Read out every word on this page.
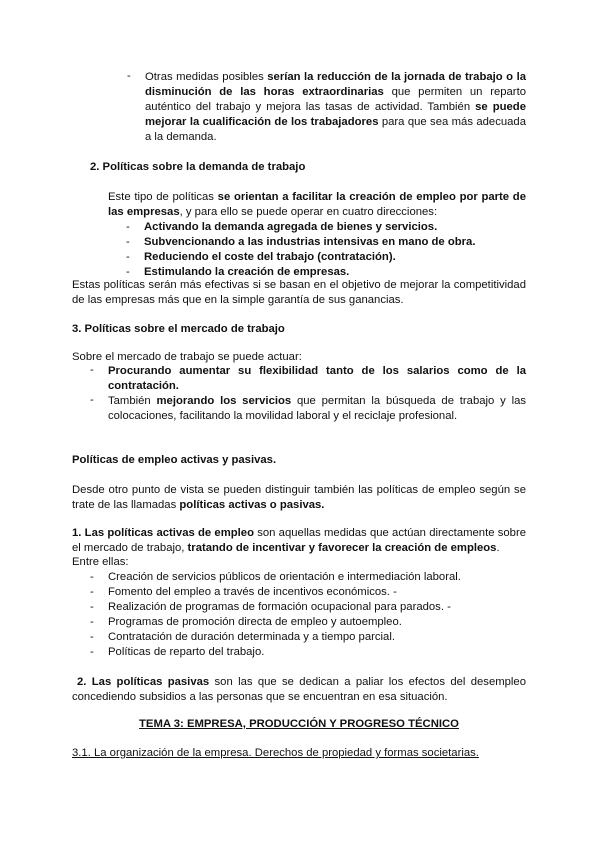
- Otras medidas posibles serían la reducción de la jornada de trabajo o la disminución de las horas extraordinarias que permiten un reparto auténtico del trabajo y mejora las tasas de actividad. También se puede mejorar la cualificación de los trabajadores para que sea más adecuada a la demanda.

2. Políticas sobre la demanda de trabajo

Este tipo de políticas se orientan a facilitar la creación de empleo por parte de las empresas, y para ello se puede operar en cuatro direcciones:

- Activando la demanda agregada de bienes y servicios.

- Subvencionando a las industrias intensivas en mano de obra.

- Reduciendo el coste del trabajo (contratación).

- Estimulando la creación de empresas.

Estas políticas serán más efectivas si se basan en el objetivo de mejorar la competitividad de las empresas más que en la simple garantía de sus ganancias.

3. Políticas sobre el mercado de trabajo

Sobre el mercado de trabajo se puede actuar:

- Procurando aumentar su flexibilidad tanto de los salarios como de la contratación.

- También mejorando los servicios que permitan la búsqueda de trabajo y las colocaciones, facilitando la movilidad laboral y el reciclaje profesional.

Políticas de empleo activas y pasivas.

Desde otro punto de vista se pueden distinguir también las políticas de empleo según se trate de las llamadas políticas activas o pasivas.

1. Las políticas activas de empleo son aquellas medidas que actúan directamente sobre el mercado de trabajo, tratando de incentivar y favorecer la creación de empleos.

Entre ellas:

- Creación de servicios públicos de orientación e intermediación laboral.

- Fomento del empleo a través de incentivos económicos. -

- Realización de programas de formación ocupacional para parados. -

- Programas de promoción directa de empleo y autoempleo.

- Contratación de duración determinada y a tiempo parcial.

- Políticas de reparto del trabajo.

2. Las políticas pasivas son las que se dedican a paliar los efectos del desempleo concediendo subsidios a las personas que se encuentran en esa situación.

TEMA 3: EMPRESA, PRODUCCIÓN Y PROGRESO TÉCNICO

3.1. La organización de la empresa. Derechos de propiedad y formas societarias.
